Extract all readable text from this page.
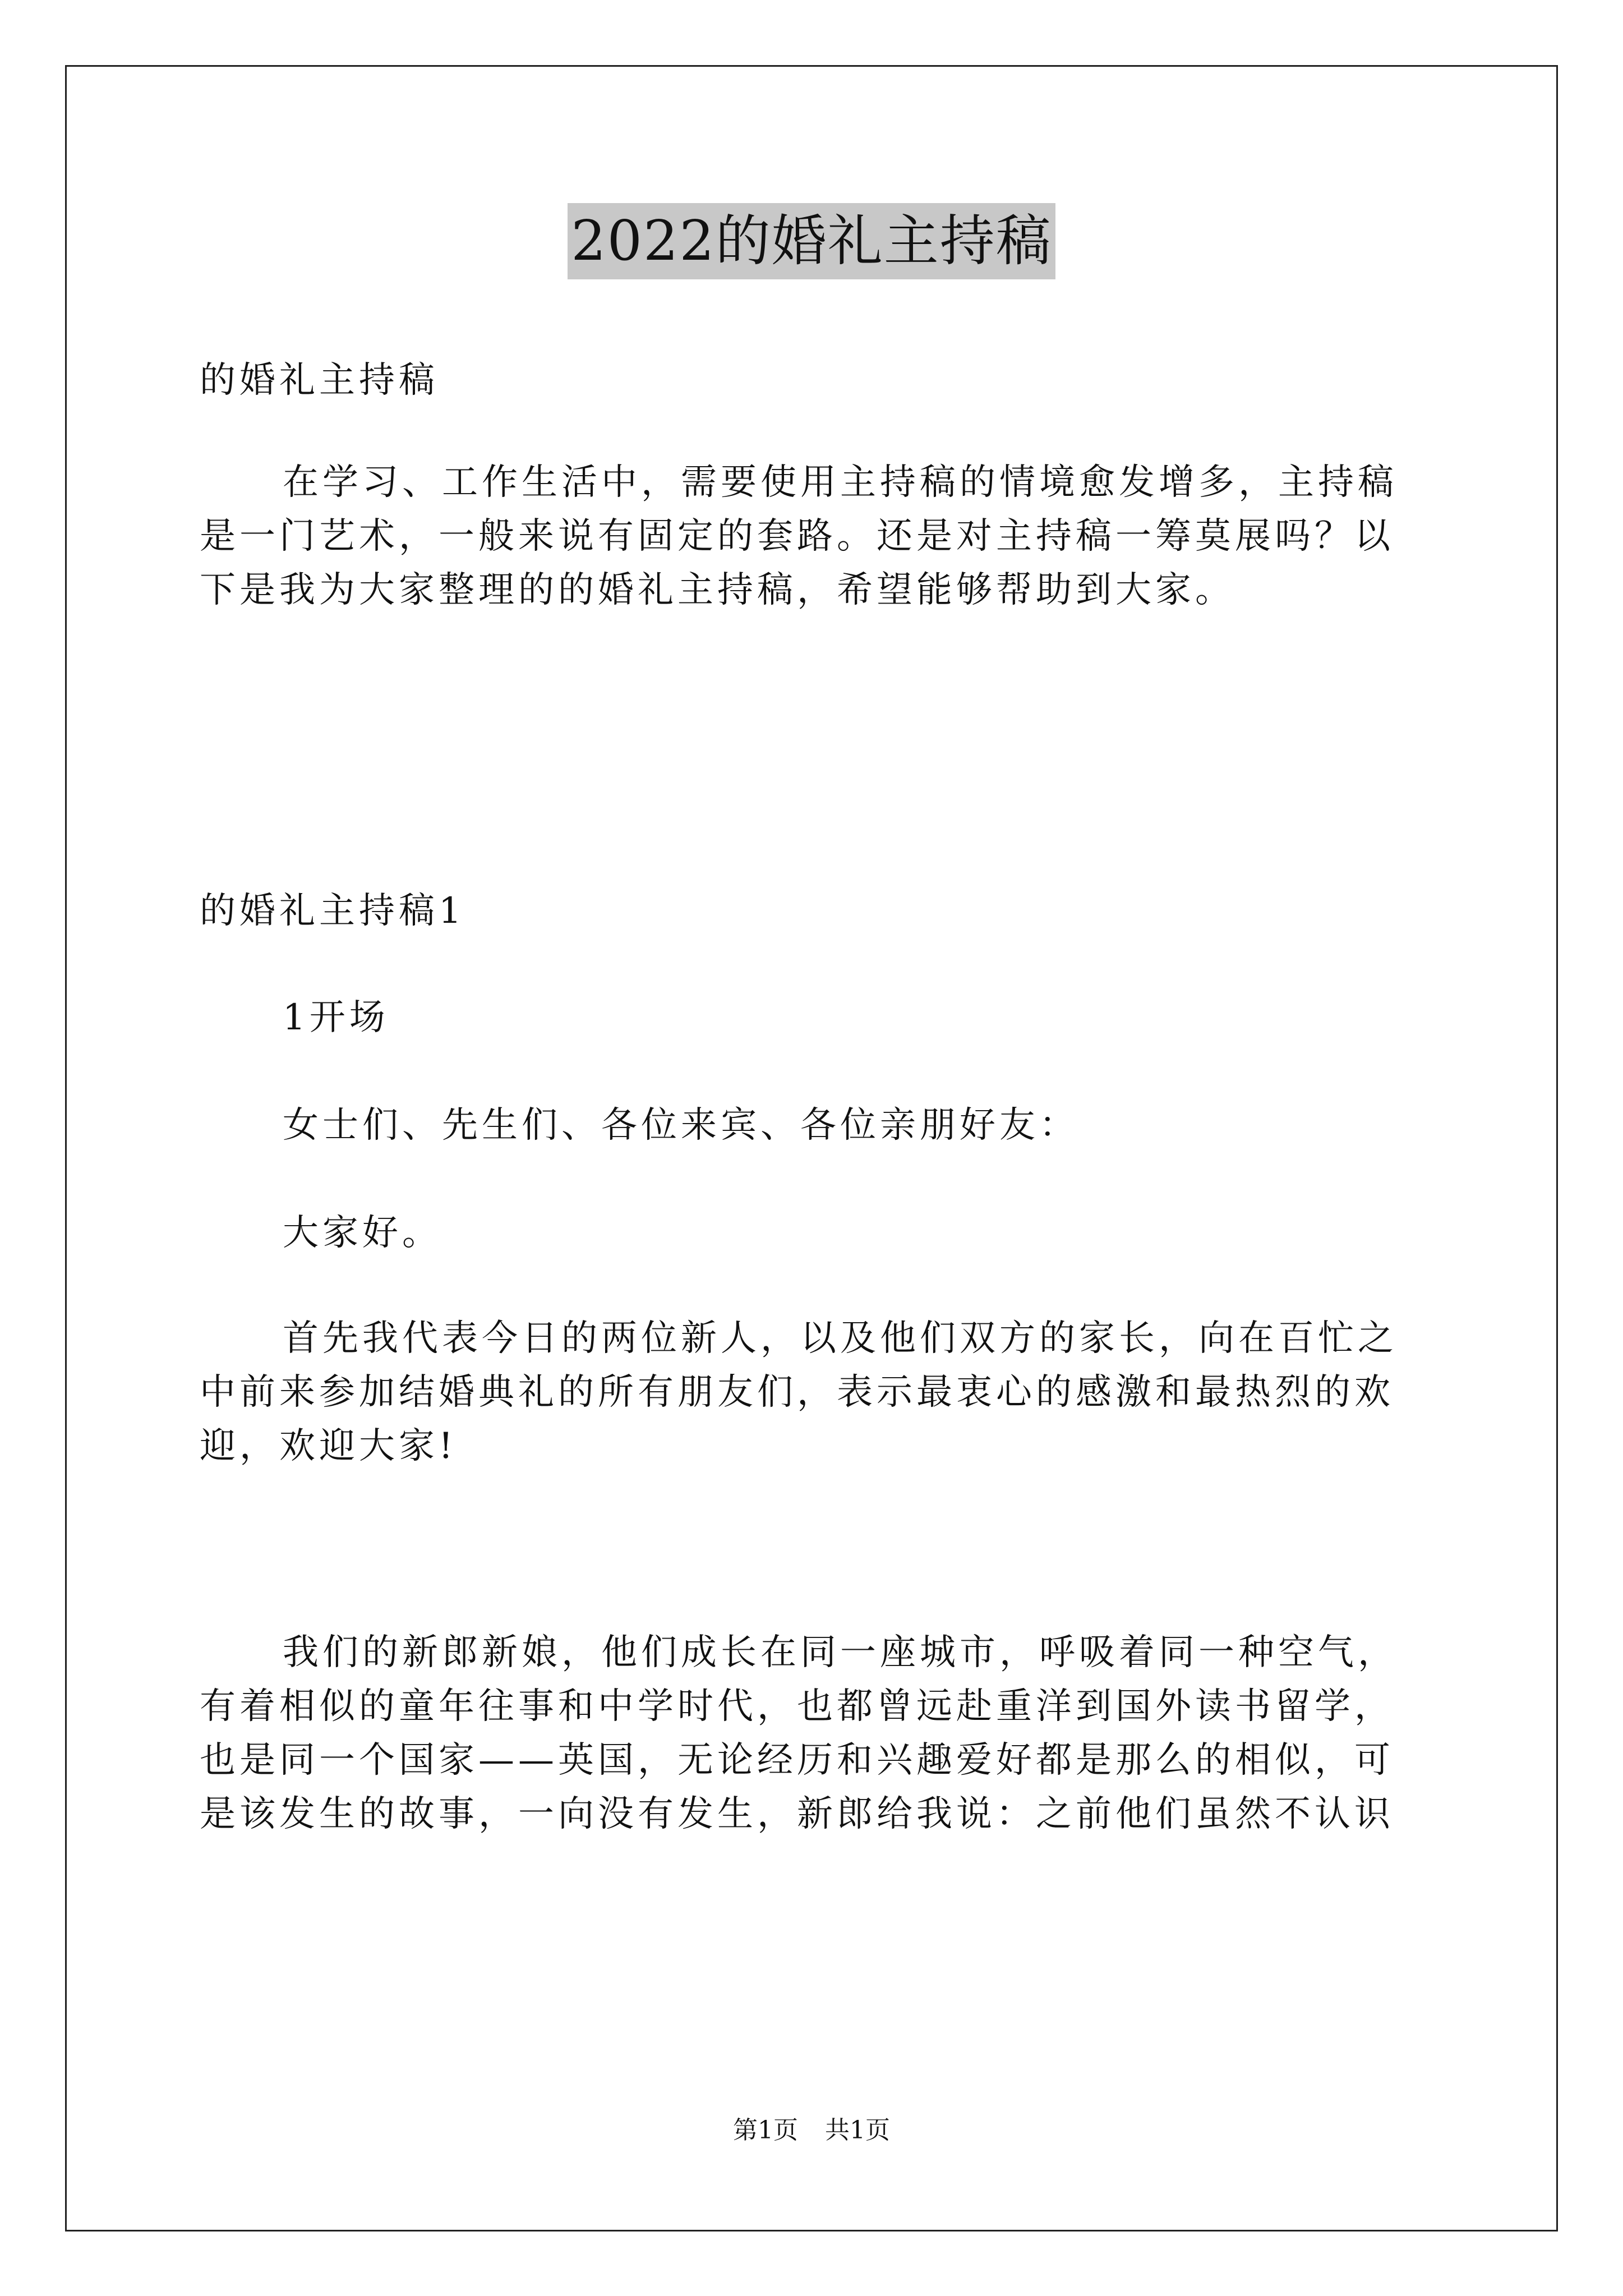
2022的婚礼主持稿

的婚礼主持稿

在学习、工作生活中，需要使用主持稿的情境愈发增多，主持稿是一门艺术，一般来说有固定的套路。还是对主持稿一筹莫展吗？以下是我为大家整理的的婚礼主持稿，希望能够帮助到大家。

的婚礼主持稿1

1开场

女士们、先生们、各位来宾、各位亲朋好友：

大家好。

首先我代表今日的两位新人，以及他们双方的家长，向在百忙之中前来参加结婚典礼的所有朋友们，表示最衷心的感激和最热烈的欢迎，欢迎大家!

我们的新郎新娘，他们成长在同一座城市，呼吸着同一种空气，有着相似的童年往事和中学时代，也都曾远赴重洋到国外读书留学，也是同一个国家——英国，无论经历和兴趣爱好都是那么的相似，可是该发生的故事，一向没有发生，新郎给我说：之前他们虽然不认识

第1页 共1页
